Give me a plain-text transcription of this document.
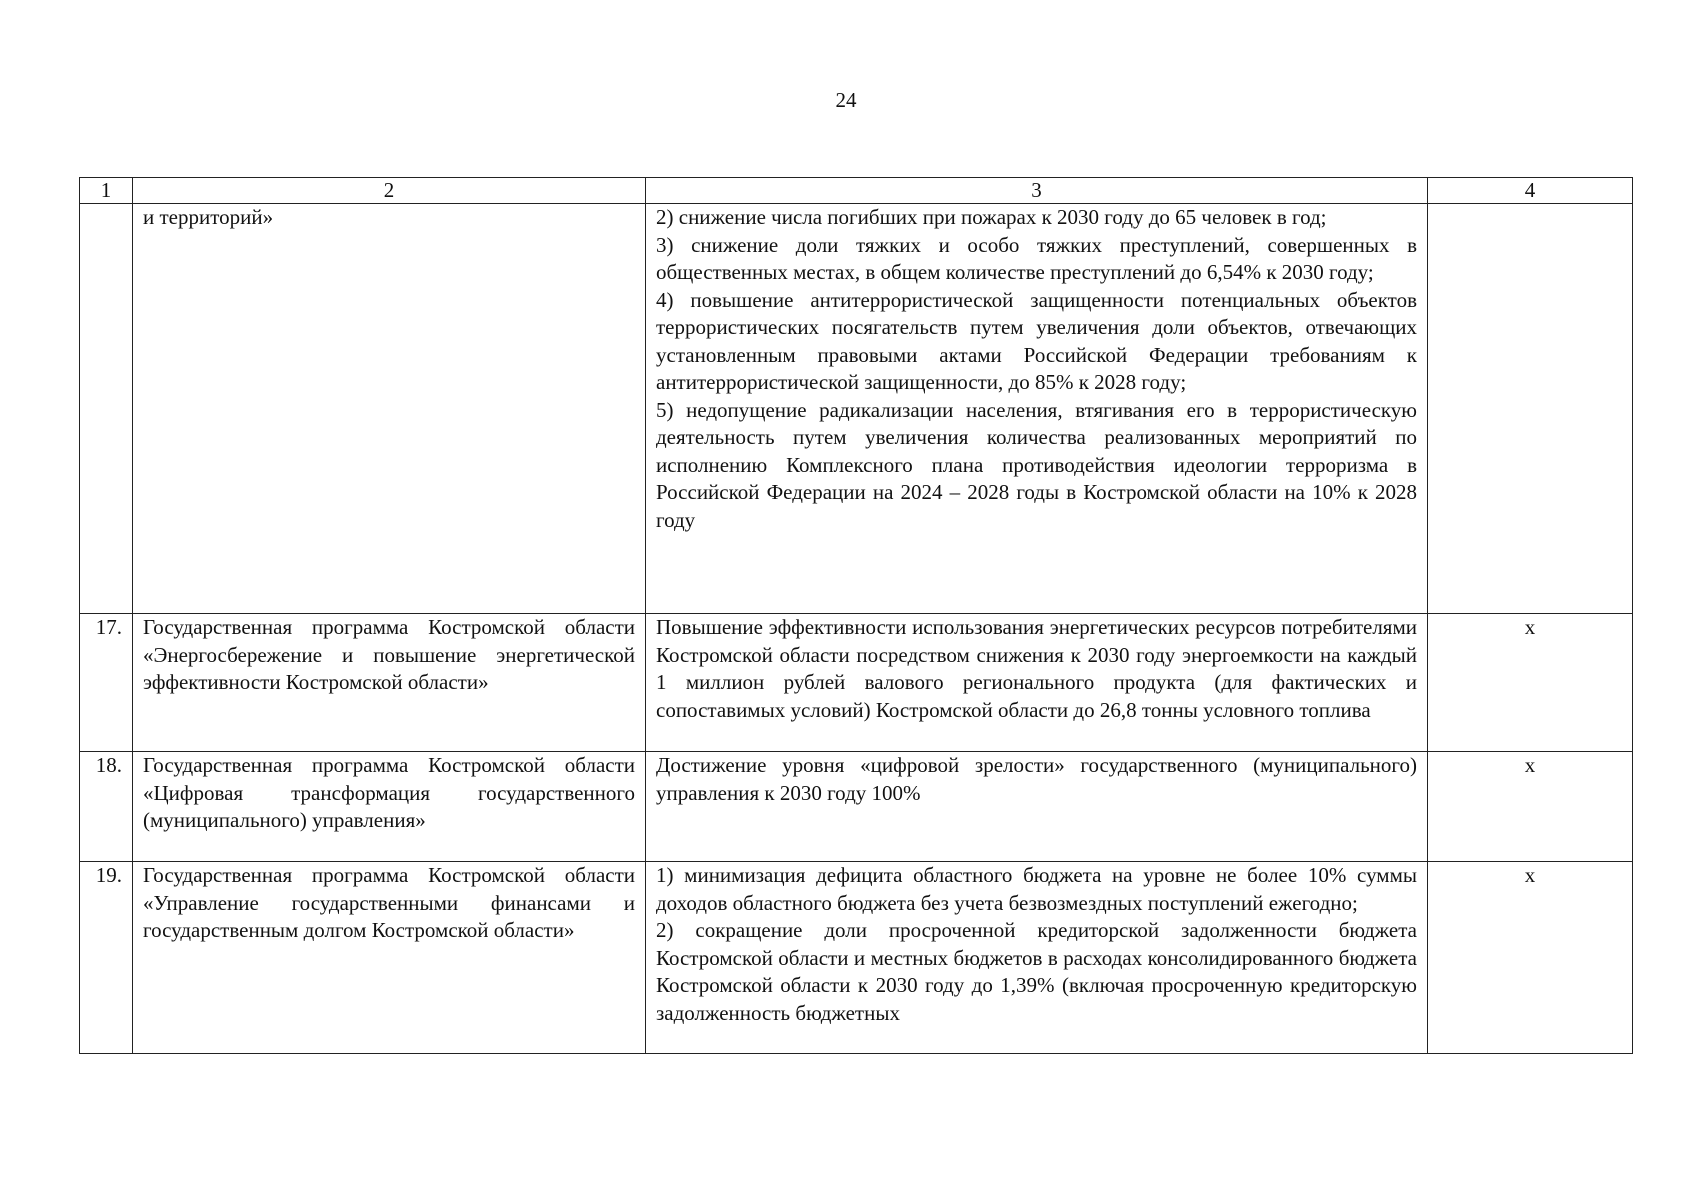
24
1	2	3	4
	и территорий»	2) снижение числа погибших при пожарах к 2030 году до 65 человек в год;

3) снижение доли тяжких и особо тяжких преступлений, совершенных в общественных местах, в общем количестве преступлений до 6,54% к 2030 году;

4) повышение антитеррористической защищенности потенциальных объектов террористических посягательств путем увеличения доли объектов, отвечающих установленным правовыми актами Российской Федерации требованиям к антитеррористической защищенности, до 85% к 2028 году;

5) недопущение радикализации населения, втягивания его в террористическую деятельность путем увеличения количества реализованных мероприятий по исполнению Комплексного плана противодействия идеологии терроризма в Российской Федерации на 2024 – 2028 годы в Костромской области на 10% к 2028 году	

17.	Государственная программа Костромской области «Энергосбережение и повышение энергетической эффективности Костромской области»	Повышение эффективности использования энергетических ресурсов потребителями Костромской области посредством снижения к 2030 году энергоемкости на каждый 1 миллион рублей валового регионального продукта (для фактических и сопоставимых условий) Костромской области до 26,8 тонны условного топлива	х
18.	Государственная программа Костромской области «Цифровая трансформация государственного (муниципального) управления»	Достижение уровня «цифровой зрелости» государственного (муниципального) управления к 2030 году 100%	х
19.	Государственная программа Костромской области «Управление государственными финансами и государственным долгом Костромской области»	1) минимизация дефицита областного бюджета на уровне не более 10% суммы доходов областного бюджета без учета безвозмездных поступлений ежегодно;

2) сокращение доли просроченной кредиторской задолженности бюджета Костромской области и местных бюджетов в расходах консолидированного бюджета Костромской области к 2030 году до 1,39% (включая просроченную кредиторскую задолженность бюджетных	х
